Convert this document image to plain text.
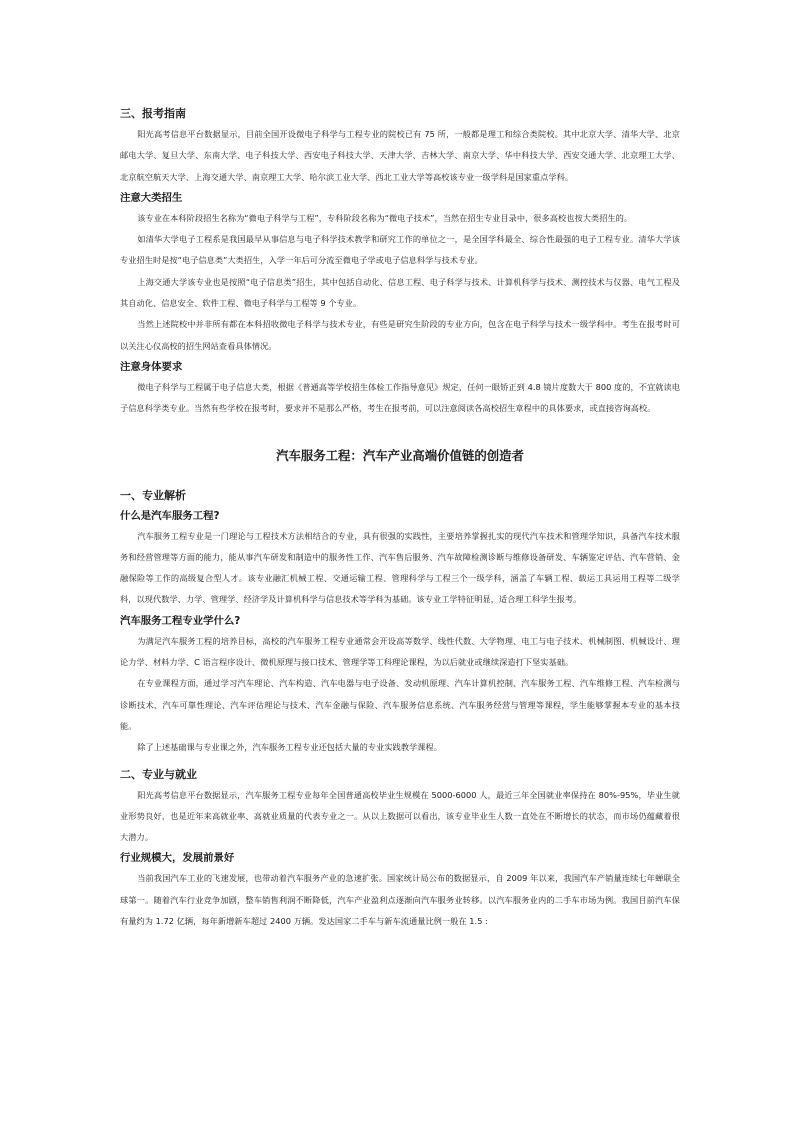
三、报考指南

阳光高考信息平台数据显示，目前全国开设微电子科学与工程专业的院校已有 75 所，一般都是理工和综合类院校。其中北京大学、清华大学、北京邮电大学、复旦大学、东南大学、电子科技大学、西安电子科技大学、天津大学、吉林大学、南京大学、华中科技大学、西安交通大学、北京理工大学、北京航空航天大学、上海交通大学、南京理工大学、哈尔滨工业大学、西北工业大学等高校该专业一级学科是国家重点学科。

注意大类招生

该专业在本科阶段招生名称为“微电子科学与工程”，专科阶段名称为“微电子技术”，当然在招生专业目录中，很多高校也按大类招生的。

如清华大学电子工程系是我国最早从事信息与电子科学技术教学和研究工作的单位之一，是全国学科最全、综合性最强的电子工程专业。清华大学该专业招生时是按“电子信息类”大类招生，入学一年后可分流至微电子学或电子信息科学与技术专业。

上海交通大学该专业也是按照“电子信息类”招生，其中包括自动化、信息工程、电子科学与技术、计算机科学与技术、测控技术与仪器、电气工程及其自动化、信息安全、软件工程、微电子科学与工程等 9 个专业。

当然上述院校中并非所有都在本科招收微电子科学与技术专业，有些是研究生阶段的专业方向，包含在电子科学与技术一级学科中。考生在报考时可以关注心仪高校的招生网站查看具体情况。

注意身体要求

微电子科学与工程属于电子信息大类，根据《普通高等学校招生体检工作指导意见》规定，任何一眼矫正到 4.8 镜片度数大于 800 度的，不宜就读电子信息科学类专业。当然有些学校在报考时，要求并不是那么严格，考生在报考前，可以注意阅读各高校招生章程中的具体要求，或直接咨询高校。

汽车服务工程：汽车产业高端价值链的创造者
一、专业解析
什么是汽车服务工程?

汽车服务工程专业是一门理论与工程技术方法相结合的专业，具有很强的实践性，主要培养掌握扎实的现代汽车技术和管理学知识，具备汽车技术服务和经营管理等方面的能力，能从事汽车研发和制造中的服务性工作、汽车售后服务、汽车故障检测诊断与维修设备研发、车辆鉴定评估、汽车营销、金融保险等工作的高级复合型人才。该专业融汇机械工程、交通运输工程、管理科学与工程三个一级学科，涵盖了车辆工程、载运工具运用工程等二级学科，以现代数学、力学、管理学、经济学及计算机科学与信息技术等学科为基础。该专业工学特征明显，适合理工科学生报考。

汽车服务工程专业学什么?

为满足汽车服务工程的培养目标，高校的汽车服务工程专业通常会开设高等数学、线性代数、大学物理、电工与电子技术、机械制图、机械设计、理论力学、材料力学、C 语言程序设计、微机原理与接口技术、管理学等工科理论课程，为以后就业或继续深造打下坚实基础。

在专业课程方面，通过学习汽车理论、汽车构造、汽车电器与电子设备、发动机原理、汽车计算机控制、汽车服务工程、汽车维修工程、汽车检测与诊断技术、汽车可靠性理论、汽车评估理论与技术、汽车金融与保险、汽车服务信息系统、汽车服务经营与管理等课程，学生能够掌握本专业的基本技能。

除了上述基础课与专业课之外，汽车服务工程专业还包括大量的专业实践教学课程。

二、专业与就业

阳光高考信息平台数据显示，汽车服务工程专业每年全国普通高校毕业生规模在 5000-6000 人，最近三年全国就业率保持在 80%-95%，毕业生就业形势良好，也是近年来高就业率、高就业质量的代表专业之一。从以上数据可以看出，该专业毕业生人数一直处在不断增长的状态，而市场仍蕴藏着很大潜力。

行业规模大，发展前景好

当前我国汽车工业的飞速发展，也带动着汽车服务产业的急速扩张。国家统计局公布的数据显示，自 2009 年以来，我国汽车产销量连续七年蝉联全球第一。随着汽车行业竞争加剧，整车销售利润不断降低，汽车产业盈利点逐渐向汽车服务业转移。以汽车服务业内的二手车市场为例。我国目前汽车保有量约为 1.72 亿辆，每年新增新车超过 2400 万辆。发达国家二手车与新车流通量比例一般在 1.5 :
